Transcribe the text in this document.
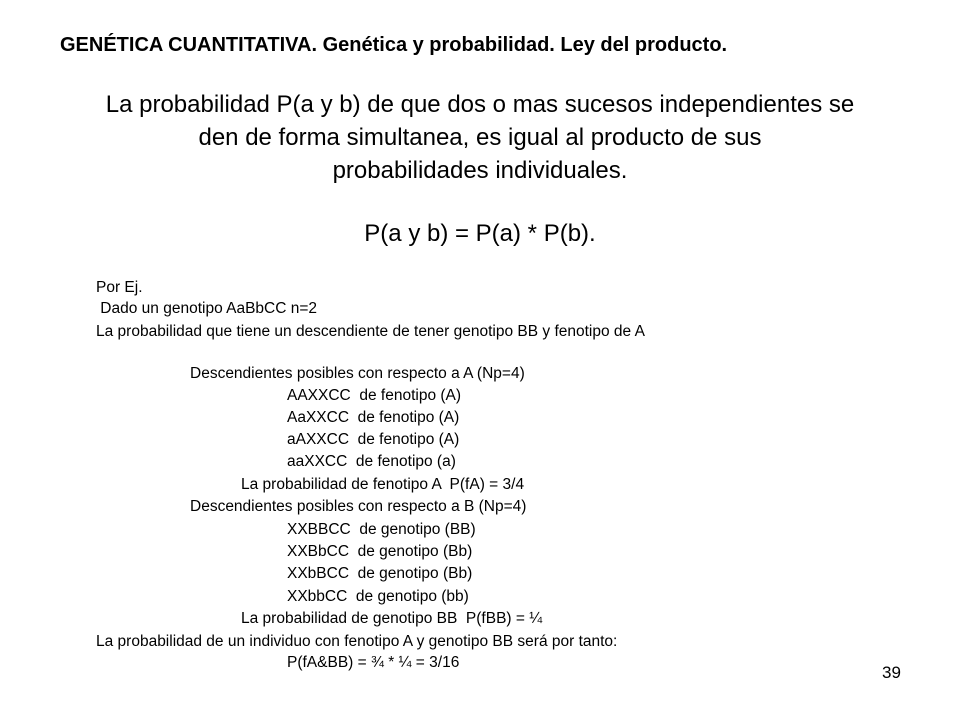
GENÉTICA CUANTITATIVA. Genética y probabilidad. Ley del producto.

La probabilidad P(a y b) de que dos o mas sucesos independientes se
den de forma simultanea, es igual al producto de sus
probabilidades individuales.

P(a y b) = P(a) * P(b).
Por Ej.
Dado un genotipo AaBbCC n=2
La probabilidad que tiene un descendiente de tener genotipo BB y fenotipo de A
Descendientes posibles con respecto a A (Np=4)
AAXXCC  de fenotipo (A)
AaXXCC  de fenotipo (A)
aAXXCC  de fenotipo (A)
aaXXCC  de fenotipo (a)
La probabilidad de fenotipo A  P(fA) = 3/4
Descendientes posibles con respecto a B (Np=4)
XXBBCC  de genotipo (BB)
XXBbCC  de genotipo (Bb)
XXbBCC  de genotipo (Bb)
XXbbCC  de genotipo (bb)
La probabilidad de genotipo BB  P(fBB) = ¼
La probabilidad de un individuo con fenotipo A y genotipo BB será por tanto:
P(fA&BB) = ¾ * ¼ = 3/16
39
